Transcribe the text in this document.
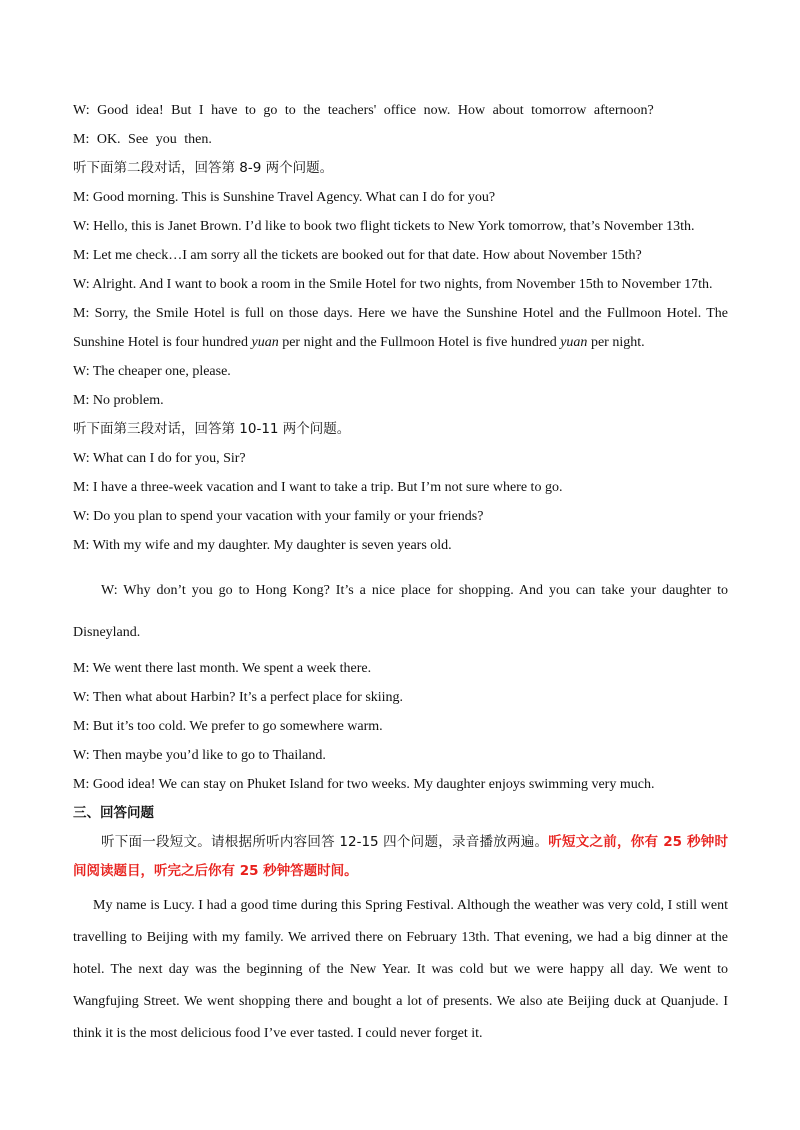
W: Good idea! But I have to go to the teachers' office now. How about tomorrow afternoon?
M: OK. See you then.
听下面第二段对话，回答第 8-9 两个问题。
M: Good morning. This is Sunshine Travel Agency. What can I do for you?
W: Hello, this is Janet Brown. I’d like to book two flight tickets to New York tomorrow, that’s November 13th.
M: Let me check…I am sorry all the tickets are booked out for that date. How about November 15th?
W: Alright. And I want to book a room in the Smile Hotel for two nights, from November 15th to November 17th.
M: Sorry, the Smile Hotel is full on those days. Here we have the Sunshine Hotel and the Fullmoon Hotel. The
Sunshine Hotel is four hundred yuan per night and the Fullmoon Hotel is five hundred yuan per night.
W: The cheaper one, please.
M: No problem.
听下面第三段对话，回答第 10-11 两个问题。
W: What can I do for you, Sir?
M: I have a three-week vacation and I want to take a trip. But I’m not sure where to go.
W: Do you plan to spend your vacation with your family or your friends?
M: With my wife and my daughter. My daughter is seven years old.
W: Why don’t you go to Hong Kong? It’s a nice place for shopping. And you can take your daughter to
Disneyland.
M: We went there last month. We spent a week there.
W: Then what about Harbin? It’s a perfect place for skiing.
M: But it’s too cold. We prefer to go somewhere warm.
W: Then maybe you’d like to go to Thailand.
M: Good idea! We can stay on Phuket Island for two weeks. My daughter enjoys swimming very much.
三、回答问题
听下面一段短文。请根据所听内容回答 12-15 四个问题，录音播放两遍。听短文之前，你有 25 秒钟时间阅读题目，听完之后你有 25 秒钟答题时间。
My name is Lucy. I had a good time during this Spring Festival. Although the weather was very cold, I still went travelling to Beijing with my family. We arrived there on February 13th. That evening, we had a big dinner at the hotel. The next day was the beginning of the New Year. It was cold but we were happy all day. We went to Wangfujing Street. We went shopping there and bought a lot of presents. We also ate Beijing duck at Quanjude. I think it is the most delicious food I’ve ever tasted. I could never forget it.
